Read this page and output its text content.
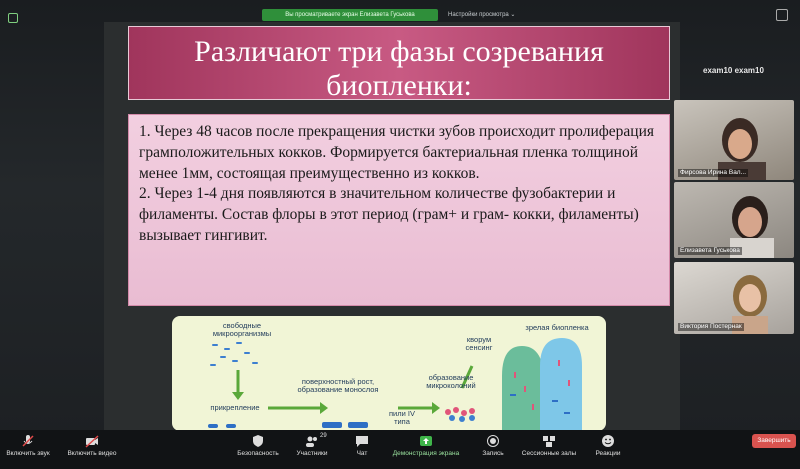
Вы просматриваете экран Елизавета Гуськова	Настройки просмотра ⌄
Различают три фазы созревания биопленки:
1. Через 48 часов после прекращения чистки зубов происходит пролиферация грамположительных кокков. Формируется бактериальная пленка толщиной менее 1мм, состоящая преимущественно из кокков.
2. Через 1-4 дня появляются в значительном количестве фузобактерии и филаменты. Состав флоры в этот период (грам+ и грам- кокки, филаменты) вызывает гингивит.
свободные микроорганизмы
прикрепление
поверхностный рост, образование монослоя
образование микроколоний
пили IV типа
кворум сенсинг
зрелая биопленка
exam10 exam10
Фирсова Ирина Вал...
Елизавета Гуськова
Виктория Постернак
Включить звук	Включить видео	Безопасность	Участники
29
Чат	Демонстрация экрана	Запись	Сессионные залы	Реакции
Завершить
